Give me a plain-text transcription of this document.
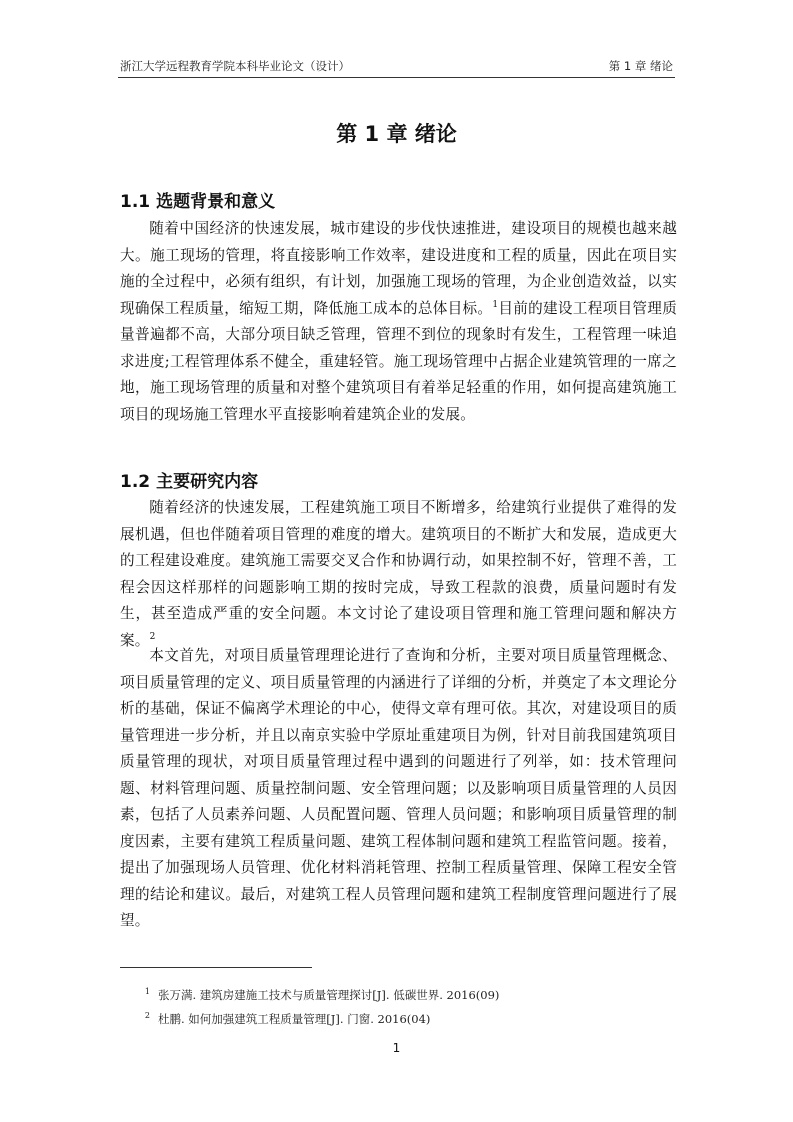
浙江大学远程教育学院本科毕业论文（设计）	第 1 章 绪论
第 1 章 绪论
1.1 选题背景和意义

随着中国经济的快速发展，城市建设的步伐快速推进，建设项目的规模也越来越大。施工现场的管理，将直接影响工作效率，建设进度和工程的质量，因此在项目实施的全过程中，必须有组织，有计划，加强施工现场的管理，为企业创造效益，以实现确保工程质量，缩短工期，降低施工成本的总体目标。$^1$目前的建设工程项目管理质量普遍都不高，大部分项目缺乏管理，管理不到位的现象时有发生，工程管理一味追求进度;工程管理体系不健全，重建轻管。施工现场管理中占据企业建筑管理的一席之地，施工现场管理的质量和对整个建筑项目有着举足轻重的作用，如何提高建筑施工项目的现场施工管理水平直接影响着建筑企业的发展。

1.2 主要研究内容

随着经济的快速发展，工程建筑施工项目不断增多，给建筑行业提供了难得的发展机遇，但也伴随着项目管理的难度的增大。建筑项目的不断扩大和发展，造成更大的工程建设难度。建筑施工需要交叉合作和协调行动，如果控制不好，管理不善，工程会因这样那样的问题影响工期的按时完成，导致工程款的浪费，质量问题时有发生，甚至造成严重的安全问题。本文讨论了建设项目管理和施工管理问题和解决方案。$^2$

本文首先，对项目质量管理理论进行了查询和分析，主要对项目质量管理概念、项目质量管理的定义、项目质量管理的内涵进行了详细的分析，并奠定了本文理论分析的基础，保证不偏离学术理论的中心，使得文章有理可依。其次，对建设项目的质量管理进一步分析，并且以南京实验中学原址重建项目为例，针对目前我国建筑项目质量管理的现状，对项目质量管理过程中遇到的问题进行了列举，如：技术管理问题、材料管理问题、质量控制问题、安全管理问题；以及影响项目质量管理的人员因素，包括了人员素养问题、人员配置问题、管理人员问题；和影响项目质量管理的制度因素，主要有建筑工程质量问题、建筑工程体制问题和建筑工程监管问题。接着，提出了加强现场人员管理、优化材料消耗管理、控制工程质量管理、保障工程安全管理的结论和建议。最后，对建筑工程人员管理问题和建筑工程制度管理问题进行了展望。

1 张万满. 建筑房建施工技术与质量管理探讨[J]. 低碳世界. 2016(09)
2 杜鹏. 如何加强建筑工程质量管理[J]. 门窗. 2016(04)
1
